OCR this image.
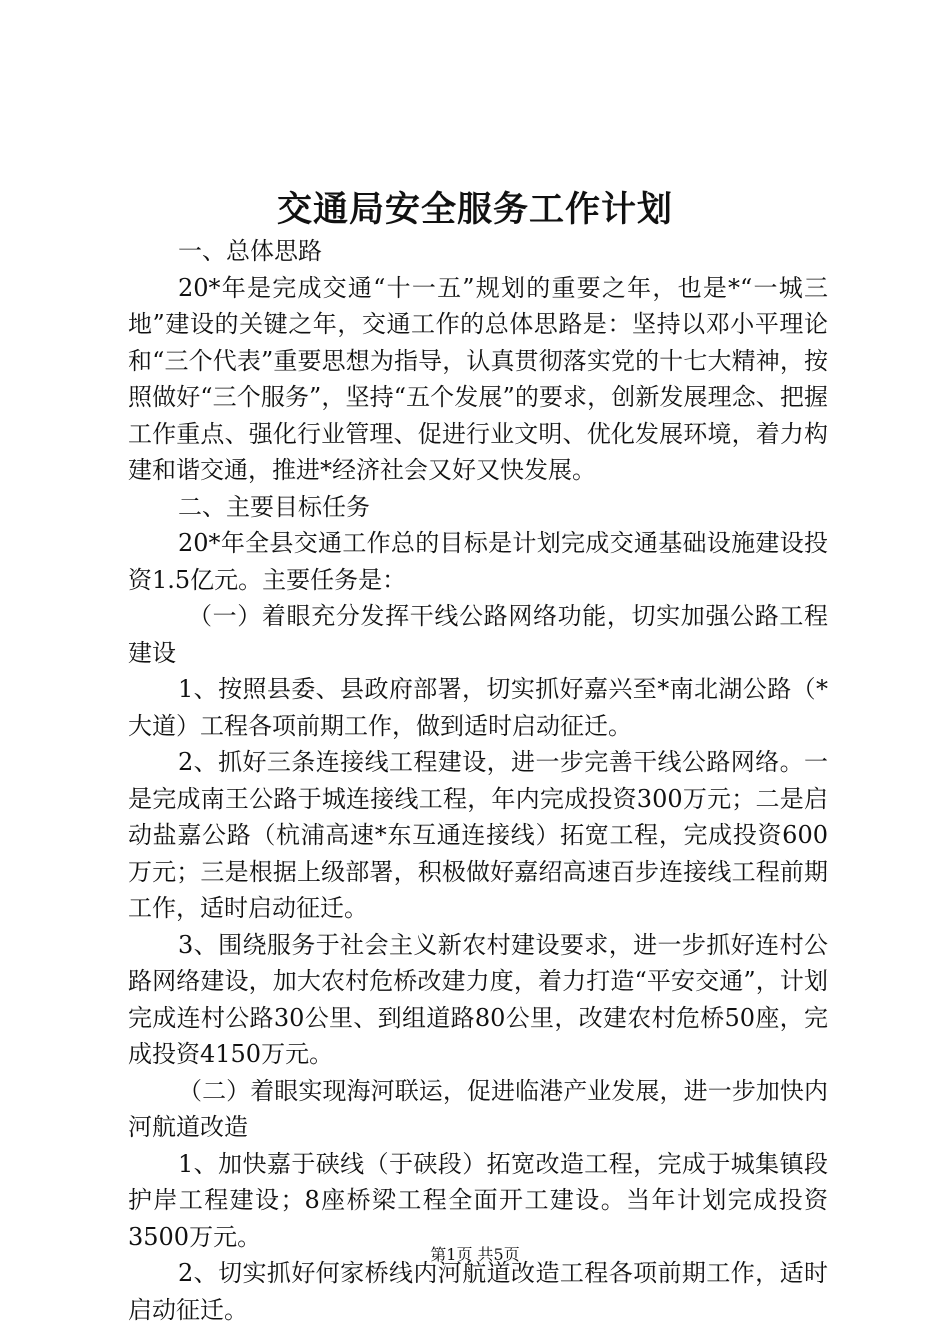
交通局安全服务工作计划

一、总体思路

20*年是完成交通“十一五”规划的重要之年，也是*“一城三地”建设的关键之年，交通工作的总体思路是：坚持以邓小平理论和“三个代表”重要思想为指导，认真贯彻落实党的十七大精神，按照做好“三个服务”，坚持“五个发展”的要求，创新发展理念、把握工作重点、强化行业管理、促进行业文明、优化发展环境，着力构建和谐交通，推进*经济社会又好又快发展。

二、主要目标任务

20*年全县交通工作总的目标是计划完成交通基础设施建设投资1.5亿元。主要任务是：

（一）着眼充分发挥干线公路网络功能，切实加强公路工程建设

1、按照县委、县政府部署，切实抓好嘉兴至*南北湖公路（*大道）工程各项前期工作，做到适时启动征迁。

2、抓好三条连接线工程建设，进一步完善干线公路网络。一是完成南王公路于城连接线工程，年内完成投资300万元；二是启动盐嘉公路（杭浦高速*东互通连接线）拓宽工程，完成投资600万元；三是根据上级部署，积极做好嘉绍高速百步连接线工程前期工作，适时启动征迁。

3、围绕服务于社会主义新农村建设要求，进一步抓好连村公路网络建设，加大农村危桥改建力度，着力打造“平安交通”，计划完成连村公路30公里、到组道路80公里，改建农村危桥50座，完成投资4150万元。

（二）着眼实现海河联运，促进临港产业发展，进一步加快内河航道改造

1、加快嘉于硖线（于硖段）拓宽改造工程，完成于城集镇段护岸工程建设；8座桥梁工程全面开工建设。当年计划完成投资3500万元。

2、切实抓好何家桥线内河航道改造工程各项前期工作，适时启动征迁。

第1页 共5页
